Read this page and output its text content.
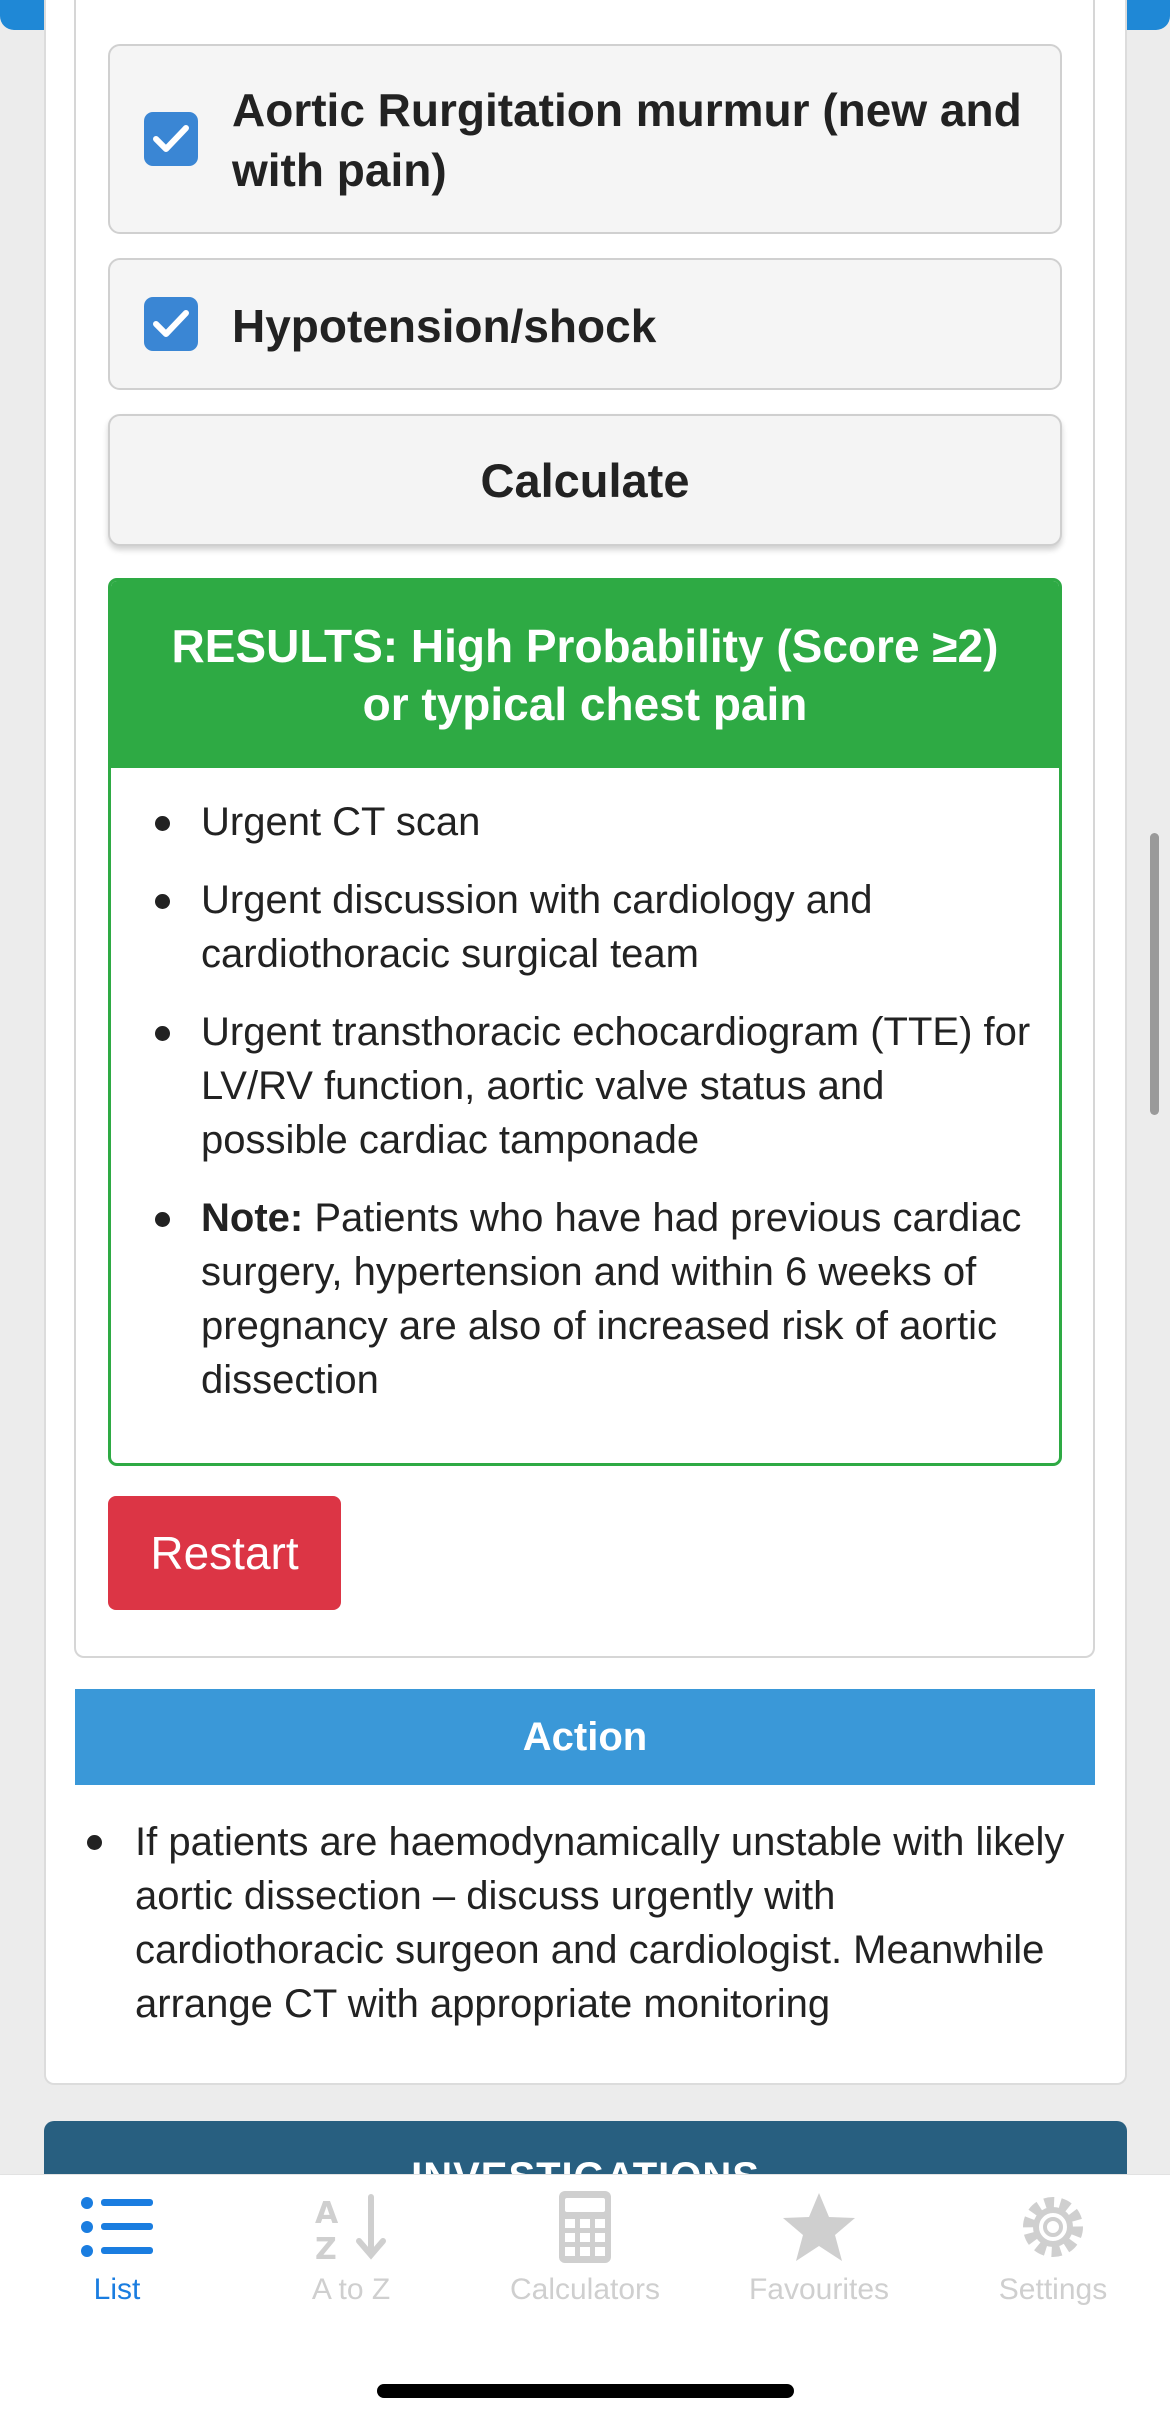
Aortic Rurgitation murmur (new and with pain)
Hypotension/shock
Calculate
RESULTS: High Probability (Score ≥2) or typical chest pain
Urgent CT scan
Urgent discussion with cardiology and cardiothoracic surgical team
Urgent transthoracic echocardiogram (TTE) for LV/RV function, aortic valve status and possible cardiac tamponade
Note: Patients who have had previous cardiac surgery, hypertension and within 6 weeks of pregnancy are also of increased risk of aortic dissection
Restart
Action
If patients are haemodynamically unstable with likely aortic dissection – discuss urgently with cardiothoracic surgeon and cardiologist. Meanwhile arrange CT with appropriate monitoring
List
A
Z
A to Z	Calculators	Favourites	Settings
